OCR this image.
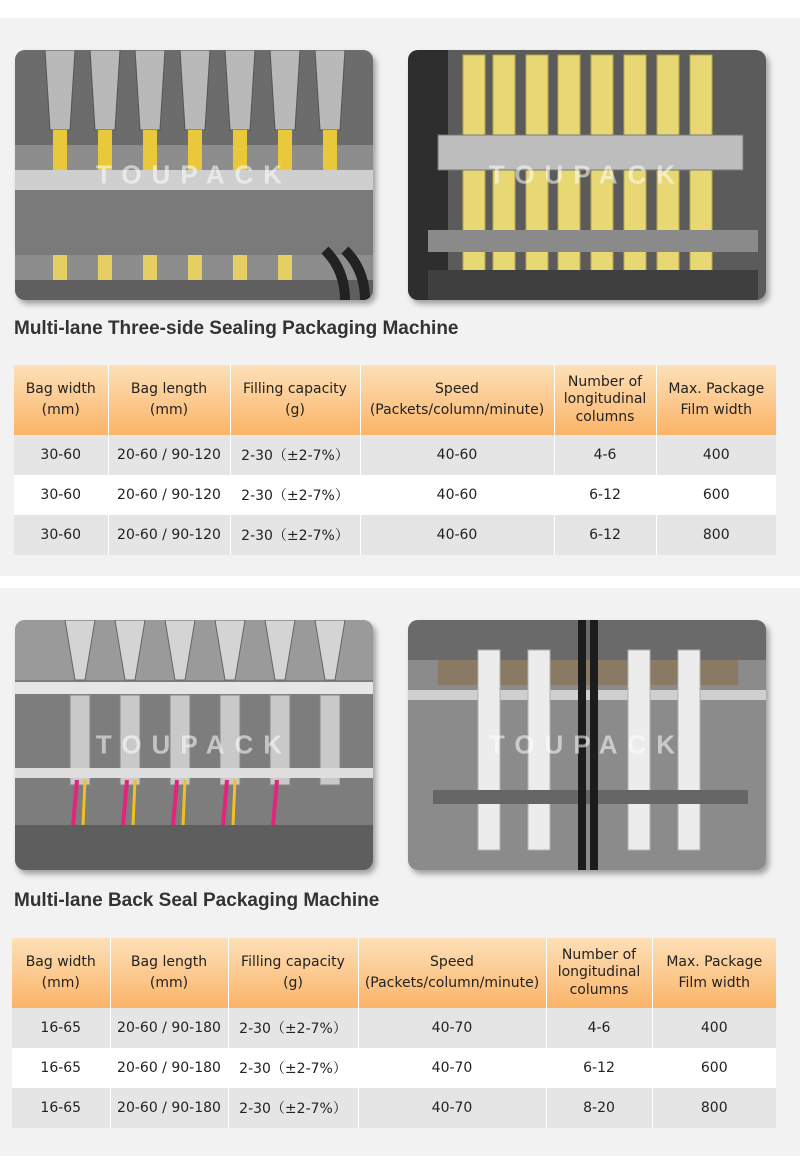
TOUPACK	TOUPACK
Multi-lane Three-side Sealing Packaging Machine
Bag width
(mm)	Bag length
(mm)	Filling capacity
(g)	Speed
(Packets/column/minute)	Number of
longitudinal
columns	Max. Package
Film width
30-60	20-60 / 90-120	2-30（±2-7%）	40-60	4-6	400
30-60	20-60 / 90-120	2-30（±2-7%）	40-60	6-12	600
30-60	20-60 / 90-120	2-30（±2-7%）	40-60	6-12	800
TOUPACK	TOUPACK
Multi-lane Back Seal Packaging Machine
Bag width
(mm)	Bag length
(mm)	Filling capacity
(g)	Speed
(Packets/column/minute)	Number of
longitudinal
columns	Max. Package
Film width
16-65	20-60 / 90-180	2-30（±2-7%）	40-70	4-6	400
16-65	20-60 / 90-180	2-30（±2-7%）	40-70	6-12	600
16-65	20-60 / 90-180	2-30（±2-7%）	40-70	8-20	800
